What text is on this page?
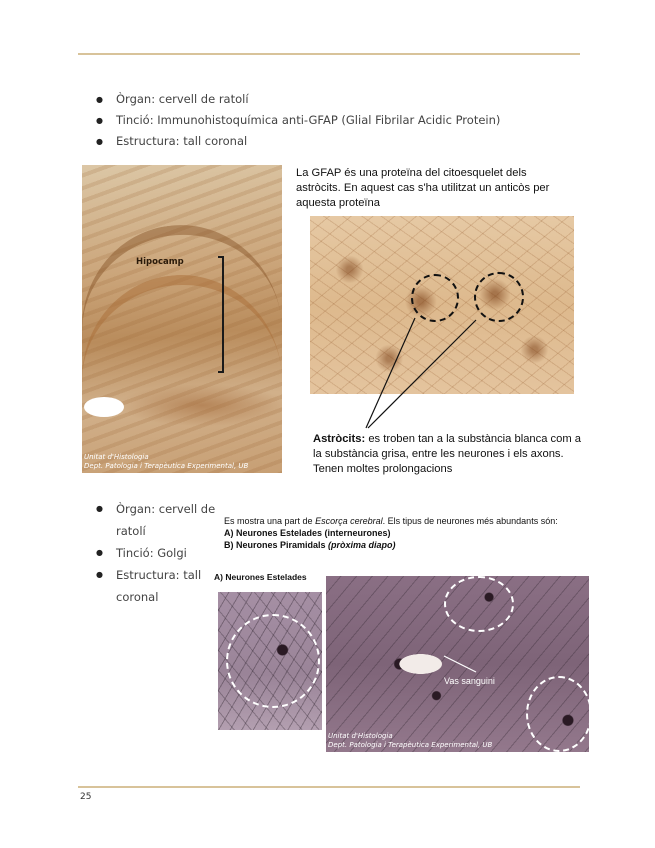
● Òrgan: cervell de ratolí
● Tinció: Immunohistoquímica anti-GFAP (Glial Fibrilar Acidic Protein)
● Estructura: tall coronal
Hipocamp
Unitat d'Histologia
Dept. Patologia i Terapèutica Experimental, UB
La GFAP és una proteïna del citoesquelet dels astròcits. En aquest cas s'ha utilitzat un anticòs per aquesta proteïna
Astròcits: es troben tan a la substància blanca com a la substància grisa, entre les neurones i els axons. Tenen moltes prolongacions
● Òrgan: cervell de ratolí
● Tinció: Golgi
● Estructura: tall coronal
Es mostra una part de Escorça cerebral. Els tipus de neurones més abundants són:
A) Neurones Estelades (interneurones)
B) Neurones Piramidals (pròxima diapo)
A) Neurones Estelades
Vas sanguini
Unitat d'Histologia
Dept. Patologia i Terapèutica Experimental, UB
25
